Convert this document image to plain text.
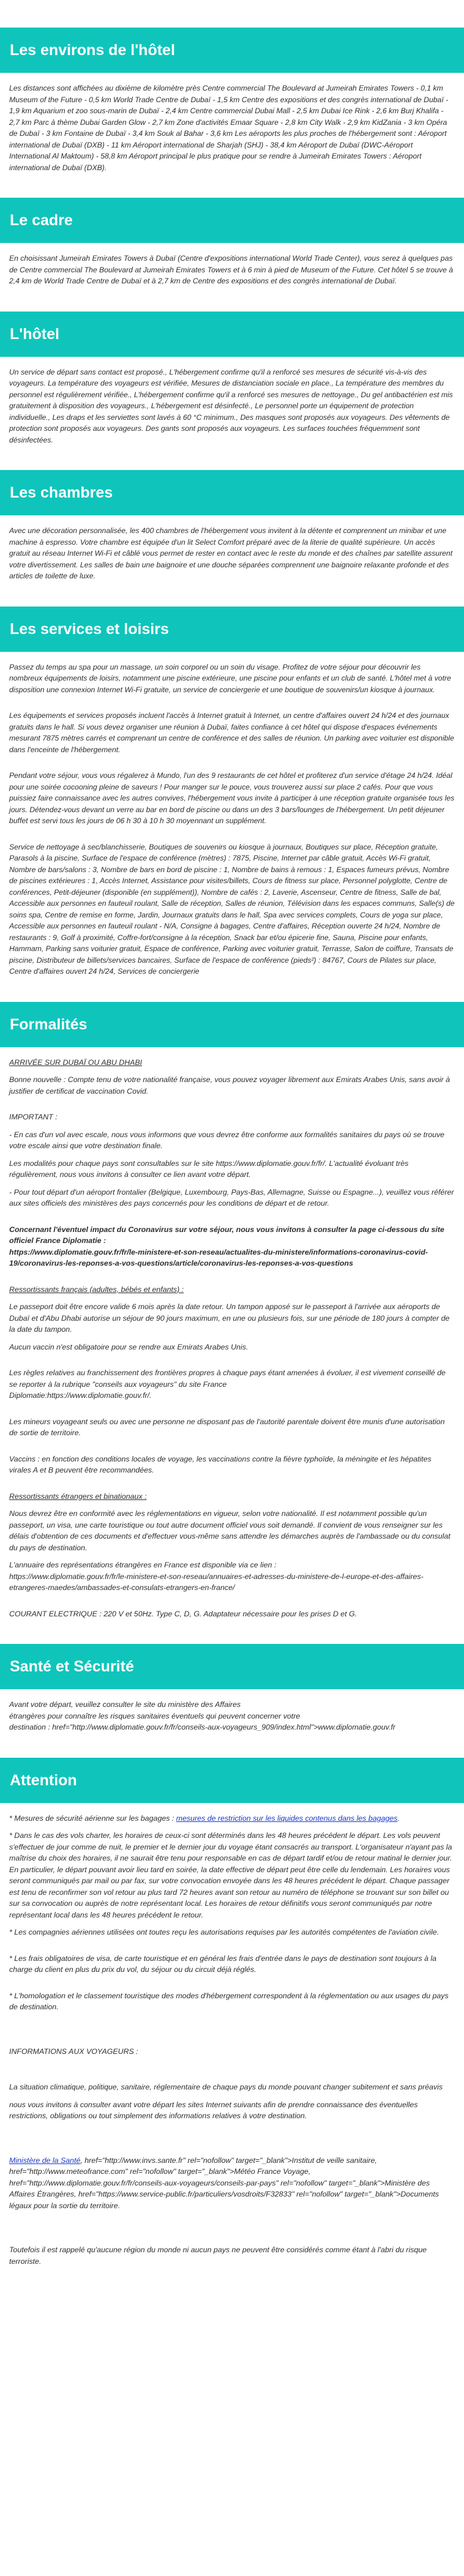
Les environs de l'hôtel

Les distances sont affichées au dixième de kilomètre près Centre commercial The Boulevard at Jumeirah Emirates Towers - 0,1 km Museum of the Future - 0,5 km World Trade Centre de Dubaï - 1,5 km Centre des expositions et des congrès international de Dubaï - 1,9 km Aquarium et zoo sous-marin de Dubaï - 2,4 km Centre commercial Dubai Mall - 2,5 km Dubai Ice Rink - 2,6 km Burj Khalifa - 2,7 km Parc à thème Dubai Garden Glow - 2,7 km Zone d'activités Emaar Square - 2,8 km City Walk - 2,9 km KidZania - 3 km Opéra de Dubaï - 3 km Fontaine de Dubaï - 3,4 km Souk al Bahar - 3,6 km Les aéroports les plus proches de l'hébergement sont : Aéroport international de Dubaï (DXB) - 11 km Aéroport international de Sharjah (SHJ) - 38,4 km Aéroport de Dubaï (DWC-Aéroport International Al Maktoum) - 58,8 km Aéroport principal le plus pratique pour se rendre à Jumeirah Emirates Towers : Aéroport international de Dubaï (DXB).

Le cadre

En choisissant Jumeirah Emirates Towers à Dubaï (Centre d'expositions international World Trade Center), vous serez à quelques pas de Centre commercial The Boulevard at Jumeirah Emirates Towers et à 6 min à pied de Museum of the Future. Cet hôtel 5 se trouve à 2,4 km de World Trade Centre de Dubaï et à 2,7 km de Centre des expositions et des congrès international de Dubaï.

L'hôtel

Un service de départ sans contact est proposé., L'hébergement confirme qu'il a renforcé ses mesures de sécurité vis-à-vis des voyageurs. La température des voyageurs est vérifiée, Mesures de distanciation sociale en place., La température des membres du personnel est régulièrement vérifiée., L'hébergement confirme qu'il a renforcé ses mesures de nettoyage., Du gel antibactérien est mis gratuitement à disposition des voyageurs., L'hébergement est désinfecté., Le personnel porte un équipement de protection individuelle., Les draps et les serviettes sont lavés à 60 °C minimum., Des masques sont proposés aux voyageurs. Des vêtements de protection sont proposés aux voyageurs. Des gants sont proposés aux voyageurs. Les surfaces touchées fréquemment sont désinfectées.

Les chambres

Avec une décoration personnalisée, les 400 chambres de l'hébergement vous invitent à la détente et comprennent un minibar et une machine à espresso. Votre chambre est équipée d'un lit Select Comfort préparé avec de la literie de qualité supérieure. Un accès gratuit au réseau Internet Wi-Fi et câblé vous permet de rester en contact avec le reste du monde et des chaînes par satellite assurent votre divertissement. Les salles de bain une baignoire et une douche séparées comprennent une baignoire relaxante profonde et des articles de toilette de luxe.

Les services et loisirs

Passez du temps au spa pour un massage, un soin corporel ou un soin du visage. Profitez de votre séjour pour découvrir les nombreux équipements de loisirs, notamment une piscine extérieure, une piscine pour enfants et un club de santé. L'hôtel met à votre disposition une connexion Internet Wi-Fi gratuite, un service de conciergerie et une boutique de souvenirs/un kiosque à journaux.

Les équipements et services proposés incluent l'accès à Internet gratuit à Internet, un centre d'affaires ouvert 24 h/24 et des journaux gratuits dans le hall. Si vous devez organiser une réunion à Dubaï, faites confiance à cet hôtel qui dispose d'espaces événements mesurant 7875 mètres carrés et comprenant un centre de conférence et des salles de réunion. Un parking avec voiturier est disponible dans l'enceinte de l'hébergement.

Pendant votre séjour, vous vous régalerez à Mundo, l'un des 9 restaurants de cet hôtel et profiterez d'un service d'étage 24 h/24. Idéal pour une soirée cocooning pleine de saveurs ! Pour manger sur le pouce, vous trouverez aussi sur place 2 cafés. Pour que vous puissiez faire connaissance avec les autres convives, l'hébergement vous invite à participer à une réception gratuite organisée tous les jours. Détendez-vous devant un verre au bar en bord de piscine ou dans un des 3 bars/lounges de l'hébergement. Un petit déjeuner buffet est servi tous les jours de 06 h 30 à 10 h 30 moyennant un supplément.

Service de nettoyage à sec/blanchisserie, Boutiques de souvenirs ou kiosque à journaux, Boutiques sur place, Réception gratuite, Parasols à la piscine, Surface de l'espace de conférence (mètres) : 7875, Piscine, Internet par câble gratuit, Accès Wi-Fi gratuit, Nombre de bars/salons : 3, Nombre de bars en bord de piscine : 1, Nombre de bains à remous : 1, Espaces fumeurs prévus, Nombre de piscines extérieures : 1, Accès Internet, Assistance pour visites/billets, Cours de fitness sur place, Personnel polyglotte, Centre de conférences, Petit-déjeuner (disponible (en supplément)), Nombre de cafés : 2, Laverie, Ascenseur, Centre de fitness, Salle de bal, Accessible aux personnes en fauteuil roulant, Salle de réception, Salles de réunion, Télévision dans les espaces communs, Salle(s) de soins spa, Centre de remise en forme, Jardin, Journaux gratuits dans le hall, Spa avec services complets, Cours de yoga sur place, Accessible aux personnes en fauteuil roulant - N/A, Consigne à bagages, Centre d'affaires, Réception ouverte 24 h/24, Nombre de restaurants : 9, Golf à proximité, Coffre-fort/consigne à la réception, Snack bar et/ou épicerie fine, Sauna, Piscine pour enfants, Hammam, Parking sans voiturier gratuit, Espace de conférence, Parking avec voiturier gratuit, Terrasse, Salon de coiffure, Transats de piscine, Distributeur de billets/services bancaires, Surface de l'espace de conférence (pieds²) : 84767, Cours de Pilates sur place, Centre d'affaires ouvert 24 h/24, Services de conciergerie

Formalités

ARRIVÉE SUR DUBAÏ OU ABU DHABI

Bonne nouvelle : Compte tenu de votre nationalité française, vous pouvez voyager librement aux Emirats Arabes Unis, sans avoir à justifier de certificat de vaccination Covid.

IMPORTANT :

- En cas d'un vol avec escale, nous vous informons que vous devrez être conforme aux formalités sanitaires du pays où se trouve votre escale ainsi que votre destination finale.

Les modalités pour chaque pays sont consultables sur le site https://www.diplomatie.gouv.fr/fr/. L'actualité évoluant très régulièrement, nous vous invitons à consulter ce lien avant votre départ.

- Pour tout départ d'un aéroport frontalier (Belgique, Luxembourg, Pays-Bas, Allemagne, Suisse ou Espagne...), veuillez vous référer aux sites officiels des ministères des pays concernés pour les conditions de départ et de retour.

Concernant l'éventuel impact du Coronavirus sur votre séjour, nous vous invitons à consulter la page ci-dessous du site officiel France Diplomatie :
https://www.diplomatie.gouv.fr/fr/le-ministere-et-son-reseau/actualites-du-ministere/informations-coronavirus-covid-19/coronavirus-les-reponses-a-vos-questions/article/coronavirus-les-reponses-a-vos-questions

Ressortissants français (adultes, bébés et enfants) :

Le passeport doit être encore valide 6 mois après la date retour. Un tampon apposé sur le passeport à l'arrivée aux aéroports de Dubaï et d'Abu Dhabi autorise un séjour de 90 jours maximum, en une ou plusieurs fois, sur une période de 180 jours à compter de la date du tampon.

Aucun vaccin n'est obligatoire pour se rendre aux Emirats Arabes Unis.

Les règles relatives au franchissement des frontières propres à chaque pays étant amenées à évoluer, il est vivement conseillé de se reporter à la rubrique "conseils aux voyageurs" du site France
Diplomatie:https://www.diplomatie.gouv.fr/.

Les mineurs voyageant seuls ou avec une personne ne disposant pas de l'autorité parentale doivent être munis d'une autorisation de sortie de territoire.

Vaccins : en fonction des conditions locales de voyage, les vaccinations contre la fièvre typhoïde, la méningite et les hépatites virales A et B peuvent être recommandées.

Ressortissants étrangers et binationaux :

Nous devrez être en conformité avec les réglementations en vigueur, selon votre nationalité. Il est notamment possible qu'un passeport, un visa, une carte touristique ou tout autre document officiel vous soit demandé. Il convient de vous renseigner sur les délais d'obtention de ces documents et d'effectuer vous-même sans attendre les démarches auprès de l'ambassade ou du consulat du pays de destination.

L'annuaire des représentations étrangères en France est disponible via ce lien :
https://www.diplomatie.gouv.fr/fr/le-ministere-et-son-reseau/annuaires-et-adresses-du-ministere-de-l-europe-et-des-affaires-etrangeres-maedes/ambassades-et-consulats-etrangers-en-france/

COURANT ELECTRIQUE : 220 V et 50Hz. Type C, D, G. Adaptateur nécessaire pour les prises D et G.

Santé et Sécurité

Avant votre départ, veuillez consulter le site du ministère des Affaires
étrangères pour connaître les risques sanitaires éventuels qui peuvent concerner votre
destination : href="http://www.diplomatie.gouv.fr/fr/conseils-aux-voyageurs_909/index.html">www.diplomatie.gouv.fr

Attention

* Mesures de sécurité aérienne sur les bagages : mesures de restriction sur les liquides contenus dans les bagages.

* Dans le cas des vols charter, les horaires de ceux-ci sont déterminés dans les 48 heures précédent le départ. Les vols peuvent s'effectuer de jour comme de nuit, le premier et le dernier jour du voyage étant consacrés au transport. L'organisateur n'ayant pas la maîtrise du choix des horaires, il ne saurait être tenu pour responsable en cas de départ tardif et/ou de retour matinal le dernier jour. En particulier, le départ pouvant avoir lieu tard en soirée, la date effective de départ peut être celle du lendemain. Les horaires vous seront communiqués par mail ou par fax, sur votre convocation envoyée dans les 48 heures précédent le départ. Chaque passager est tenu de reconfirmer son vol retour au plus tard 72 heures avant son retour au numéro de téléphone se trouvant sur son billet ou sur sa convocation ou auprès de notre représentant local. Les horaires de retour définitifs vous seront communiqués par notre représentant local dans les 48 heures précédent le retour.

* Les compagnies aériennes utilisées ont toutes reçu les autorisations requises par les autorités compétentes de l'aviation civile.

* Les frais obligatoires de visa, de carte touristique et en général les frais d'entrée dans le pays de destination sont toujours à la charge du client en plus du prix du vol, du séjour ou du circuit déjà réglés.

* L'homologation et le classement touristique des modes d'hébergement correspondent à la réglementation ou aux usages du pays de destination.

INFORMATIONS AUX VOYAGEURS :

La situation climatique, politique, sanitaire, réglementaire de chaque pays du monde pouvant changer subitement et sans préavis

nous vous invitons à consulter avant votre départ les sites Internet suivants afin de prendre connaissance des éventuelles restrictions, obligations ou tout simplement des informations relatives à votre destination.

Ministère de la Santé, href="http://www.invs.sante.fr" rel="nofollow" target="_blank">Institut de veille sanitaire, href="http://www.meteofrance.com" rel="nofollow" target="_blank">Météo France Voyage, href="http://www.diplomatie.gouv.fr/fr/conseils-aux-voyageurs/conseils-par-pays" rel="nofollow" target="_blank">Ministère des Affaires Étrangères, href="https://www.service-public.fr/particuliers/vosdroits/F32833" rel="nofollow" target="_blank">Documents légaux pour la sortie du territoire.

Toutefois il est rappelé qu'aucune région du monde ni aucun pays ne peuvent être considérés comme étant à l'abri du risque terroriste.
